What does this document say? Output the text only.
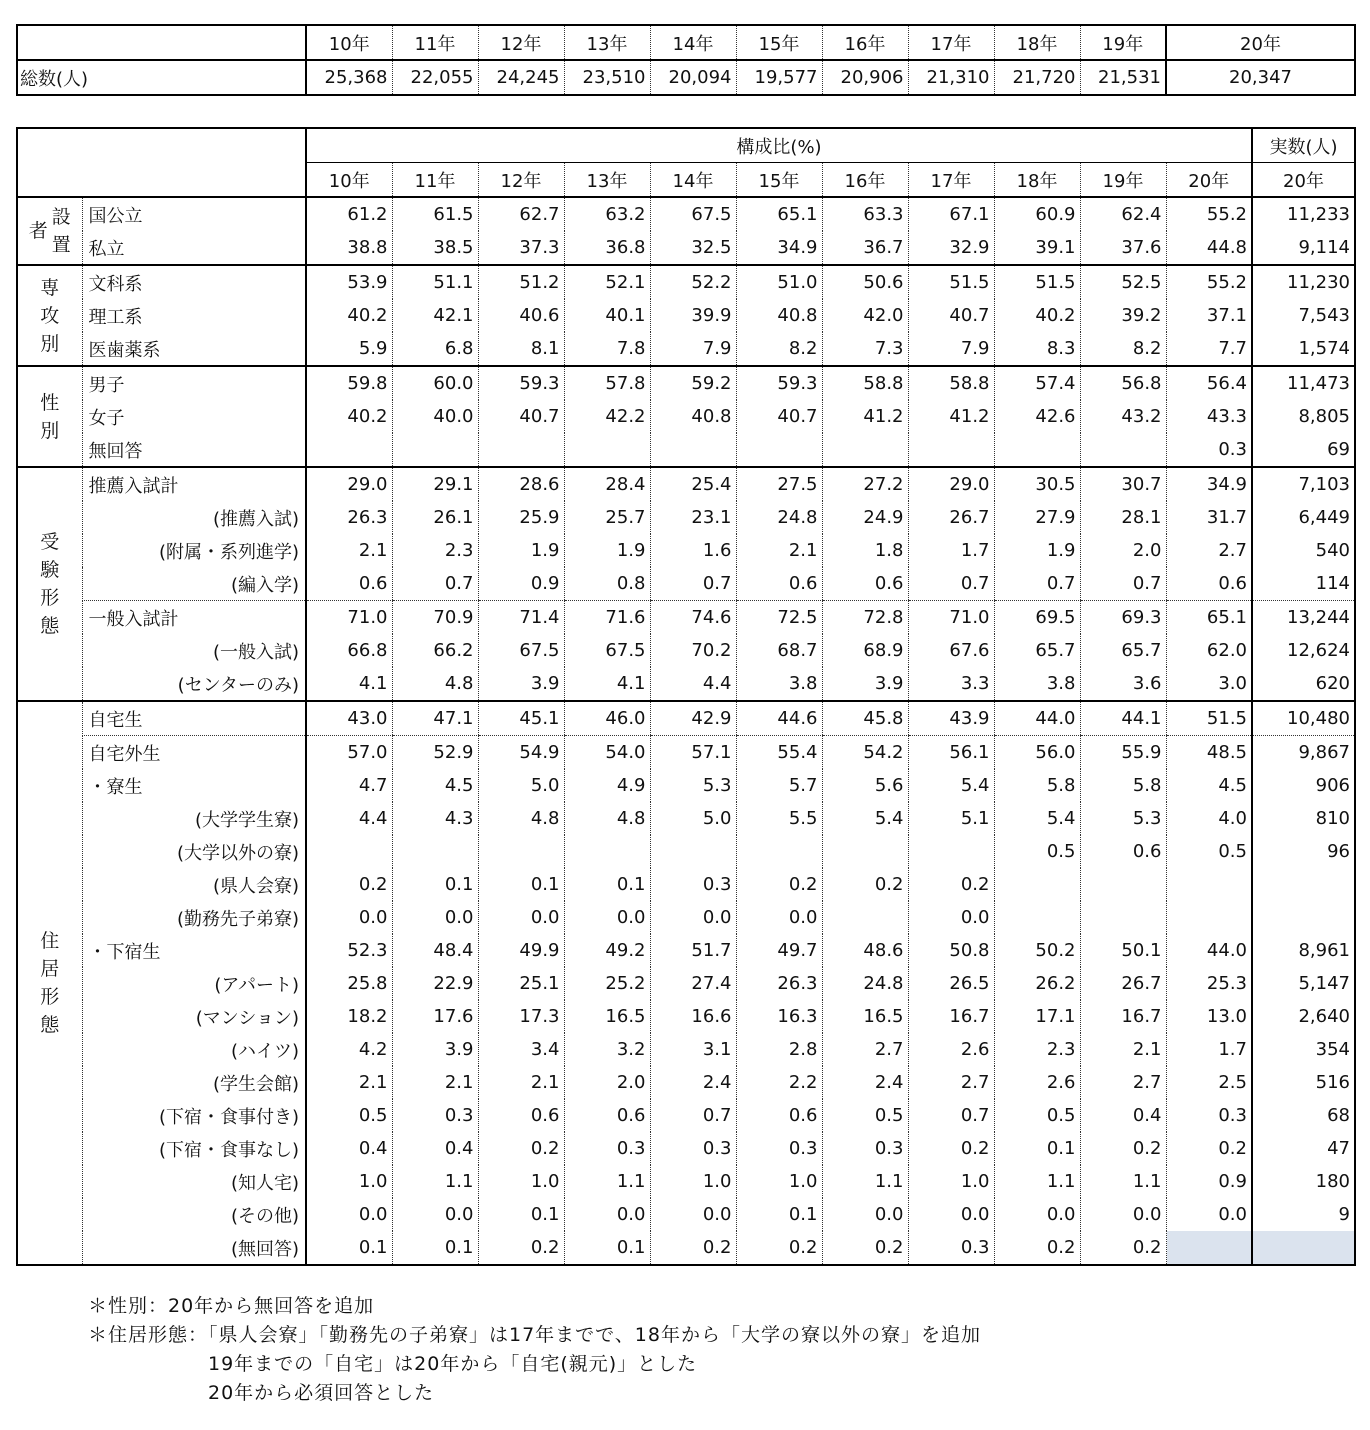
	10年	11年	12年	13年	14年	15年	16年	17年	18年	19年	20年
総数(人)	25,368	22,055	24,245	23,510	20,094	19,577	20,906	21,310	21,720	21,531	20,347
		構成比(%)											実数(人)
		10年	11年	12年	13年	14年	15年	16年	17年	18年	19年	20年	20年

者
設
置	国公立	61.2	61.5	62.7	63.2	67.5	65.1	63.3	67.1	60.9	62.4	55.2	11,233
	私立	38.8	38.5	37.3	36.8	32.5	34.9	36.7	32.9	39.1	37.6	44.8	9,114

専
攻
別	文科系	53.9	51.1	51.2	52.1	52.2	51.0	50.6	51.5	51.5	52.5	55.2	11,230
	理工系	40.2	42.1	40.6	40.1	39.9	40.8	42.0	40.7	40.2	39.2	37.1	7,543
	医歯薬系	5.9	6.8	8.1	7.8	7.9	8.2	7.3	7.9	8.3	8.2	7.7	1,574

性
別	男子	59.8	60.0	59.3	57.8	59.2	59.3	58.8	58.8	57.4	56.8	56.4	11,473
	女子	40.2	40.0	40.7	42.2	40.8	40.7	41.2	41.2	42.6	43.2	43.3	8,805
	無回答											0.3	69

受
験
形
態	推薦入試計	29.0	29.1	28.6	28.4	25.4	27.5	27.2	29.0	30.5	30.7	34.9	7,103
	(推薦入試)	26.3	26.1	25.9	25.7	23.1	24.8	24.9	26.7	27.9	28.1	31.7	6,449
	(附属・系列進学)	2.1	2.3	1.9	1.9	1.6	2.1	1.8	1.7	1.9	2.0	2.7	540
	(編入学)	0.6	0.7	0.9	0.8	0.7	0.6	0.6	0.7	0.7	0.7	0.6	114
	一般入試計	71.0	70.9	71.4	71.6	74.6	72.5	72.8	71.0	69.5	69.3	65.1	13,244
	(一般入試)	66.8	66.2	67.5	67.5	70.2	68.7	68.9	67.6	65.7	65.7	62.0	12,624
	(センターのみ)	4.1	4.8	3.9	4.1	4.4	3.8	3.9	3.3	3.8	3.6	3.0	620

住
居
形
態	自宅生	43.0	47.1	45.1	46.0	42.9	44.6	45.8	43.9	44.0	44.1	51.5	10,480
	自宅外生	57.0	52.9	54.9	54.0	57.1	55.4	54.2	56.1	56.0	55.9	48.5	9,867
	・寮生	4.7	4.5	5.0	4.9	5.3	5.7	5.6	5.4	5.8	5.8	4.5	906
	(大学学生寮)	4.4	4.3	4.8	4.8	5.0	5.5	5.4	5.1	5.4	5.3	4.0	810
	(大学以外の寮)									0.5	0.6	0.5	96
	(県人会寮)	0.2	0.1	0.1	0.1	0.3	0.2	0.2	0.2				
	(勤務先子弟寮)	0.0	0.0	0.0	0.0	0.0	0.0		0.0				
	・下宿生	52.3	48.4	49.9	49.2	51.7	49.7	48.6	50.8	50.2	50.1	44.0	8,961
	(アパート)	25.8	22.9	25.1	25.2	27.4	26.3	24.8	26.5	26.2	26.7	25.3	5,147
	(マンション)	18.2	17.6	17.3	16.5	16.6	16.3	16.5	16.7	17.1	16.7	13.0	2,640
	(ハイツ)	4.2	3.9	3.4	3.2	3.1	2.8	2.7	2.6	2.3	2.1	1.7	354
	(学生会館)	2.1	2.1	2.1	2.0	2.4	2.2	2.4	2.7	2.6	2.7	2.5	516
	(下宿・食事付き)	0.5	0.3	0.6	0.6	0.7	0.6	0.5	0.7	0.5	0.4	0.3	68
	(下宿・食事なし)	0.4	0.4	0.2	0.3	0.3	0.3	0.3	0.2	0.1	0.2	0.2	47
	(知人宅)	1.0	1.1	1.0	1.1	1.0	1.0	1.1	1.0	1.1	1.1	0.9	180
	(その他)	0.0	0.0	0.1	0.0	0.0	0.1	0.0	0.0	0.0	0.0	0.0	9
	(無回答)	0.1	0.1	0.2	0.1	0.2	0.2	0.2	0.3	0.2	0.2		
＊性別：20年から無回答を追加
＊住居形態：「県人会寮」「勤務先の子弟寮」は17年までで、18年から「大学の寮以外の寮」を追加
　　　　　　19年までの「自宅」は20年から「自宅(親元)」とした
　　　　　　20年から必須回答とした
